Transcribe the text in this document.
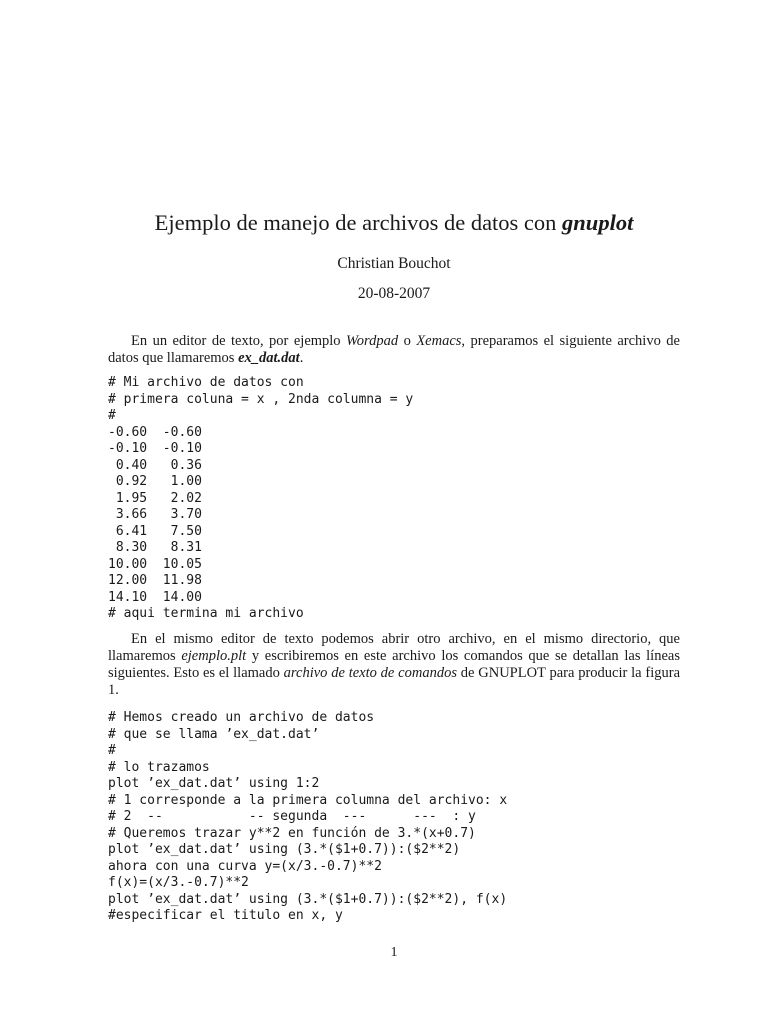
Ejemplo de manejo de archivos de datos con gnuplot
Christian Bouchot
20-08-2007

En un editor de texto, por ejemplo Wordpad o Xemacs, preparamos el siguiente archivo de datos que llamaremos ex_dat.dat.

# Mi archivo de datos con
# primera coluna = x , 2nda columna = y
#
-0.60  -0.60
-0.10  -0.10
0.40   0.36
0.92   1.00
1.95   2.02
3.66   3.70
6.41   7.50
8.30   8.31
10.00  10.05
12.00  11.98
14.10  14.00
# aqui termina mi archivo

En el mismo editor de texto podemos abrir otro archivo, en el mismo directorio, que llamaremos ejemplo.plt y escribiremos en este archivo los comandos que se detallan las líneas siguientes. Esto es el llamado archivo de texto de comandos de GNUPLOT para producir la figura 1.

# Hemos creado un archivo de datos
# que se llama ’ex_dat.dat’
#
# lo trazamos
plot ’ex_dat.dat’ using 1:2
# 1 corresponde a la primera columna del archivo: x
# 2  --           -- segunda  ---      ---  : y
# Queremos trazar y**2 en función de 3.*(x+0.7)
plot ’ex_dat.dat’ using (3.*($1+0.7)):($2**2)
ahora con una curva y=(x/3.-0.7)**2
f(x)=(x/3.-0.7)**2
plot ’ex_dat.dat’ using (3.*($1+0.7)):($2**2), f(x)
#especificar el titulo en x, y
1
